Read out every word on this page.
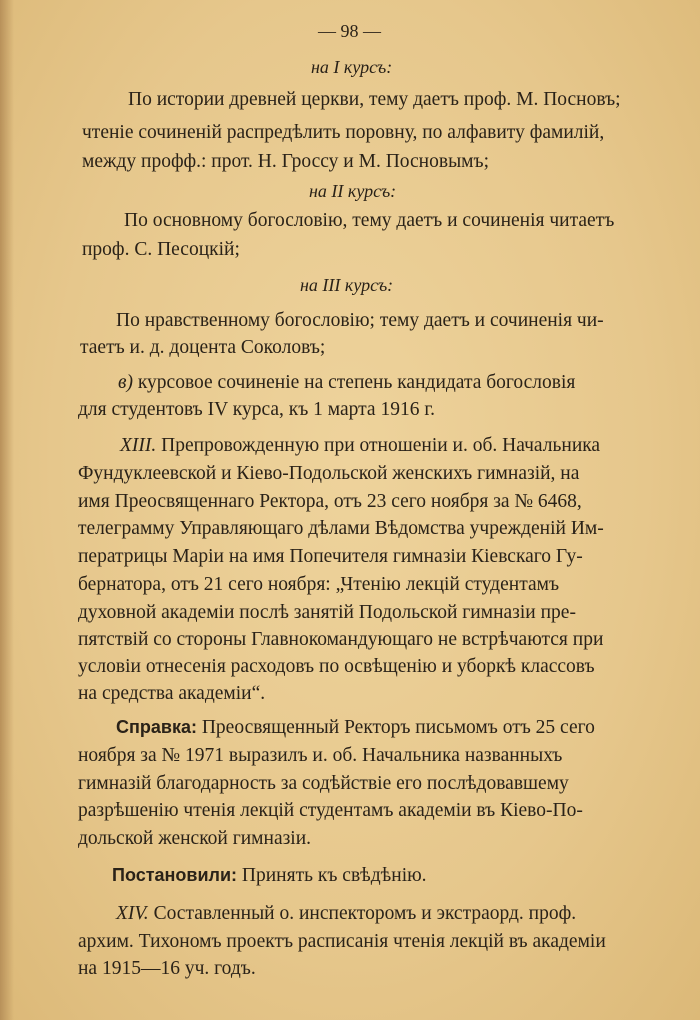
— 98 —
на I курсъ:
По истории древней церкви, тему даетъ проф. М. Посновъ;
чтеніе сочиненій распредѣлить поровну, по алфавиту фамилій,
между профф.: прот. Н. Гроссу и М. Посновымъ;
на II курсъ:
По основному богословію, тему даетъ и сочиненія читаетъ
проф. С. Песоцкій;
на III курсъ:
По нравственному богословію; тему даетъ и сочиненія чи-
таетъ и. д. доцента Соколовъ;
в) курсовое сочиненіе на степень кандидата богословія
для студентовъ IV курса, къ 1 марта 1916 г.
XIII. Препровожденную при отношеніи и. об. Начальника
Фундуклеевской и Кіево-Подольской женскихъ гимназій, на
имя Преосвященнаго Ректора, отъ 23 сего ноября за № 6468,
телеграмму Управляющаго дѣлами Вѣдомства учрежденій Им-
ператрицы Маріи на имя Попечителя гимназіи Кіевскаго Гу-
бернатора, отъ 21 сего ноября: „Чтенію лекцій студентамъ
духовной академіи послѣ занятій Подольской гимназіи пре-
пятствій со стороны Главнокомандующаго не встрѣчаются при
условіи отнесенія расходовъ по освѣщенію и уборкѣ классовъ
на средства академіи“.
Справка: Преосвященный Ректоръ письмомъ отъ 25 сего
ноября за № 1971 выразилъ и. об. Начальника названныхъ
гимназій благодарность за содѣйствіе его послѣдовавшему
разрѣшенію чтенія лекцій студентамъ академіи въ Кіево-По-
дольской женской гимназіи.
Постановили: Принять къ свѣдѣнію.
XIV. Составленный о. инспекторомъ и экстраорд. проф.
архим. Тихономъ проектъ расписанія чтенія лекцій въ академіи
на 1915—16 уч. годъ.
